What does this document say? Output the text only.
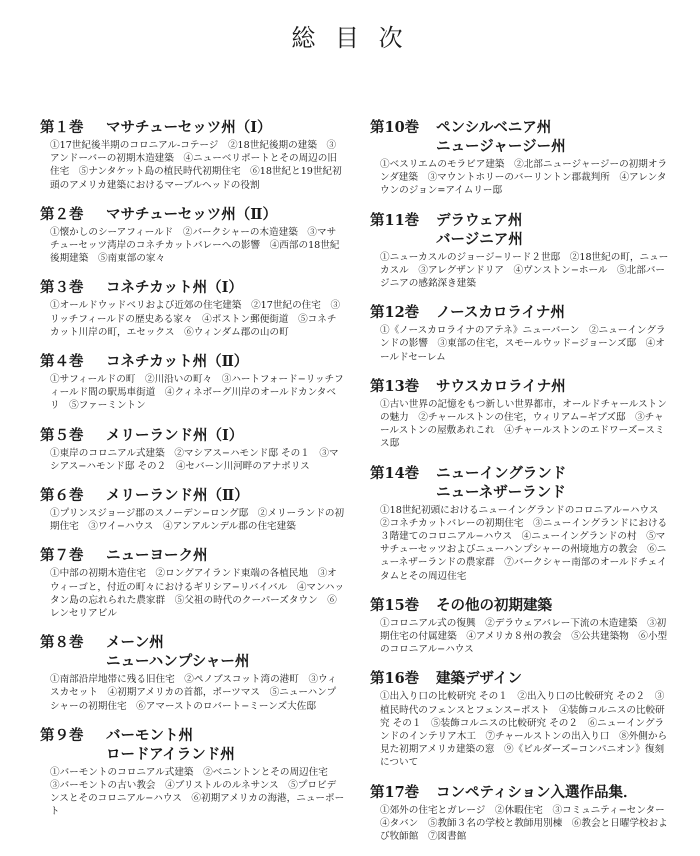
総 目 次
第１巻	マサチューセッツ州（Ⅰ）
①17世紀後半期のコロニアル-コテージ　②18世紀後期の建築　③アンドーバーの初期木造建築　④ニューベリポートとその周辺の旧住宅　⑤ナンタケット島の植民時代初期住宅　⑥18世紀と19世紀初頭のアメリカ建築におけるマーブルヘッドの役割
第２巻	マサチューセッツ州（Ⅱ）
①懐かしのシーアフィールド　②バークシャーの木造建築　③マサチューセッツ湾岸のコネチカットバレーへの影響　④西部の18世紀後期建築　⑤南東部の家々
第３巻	コネチカット州（Ⅰ）
①オールドウッドベリおよび近郊の住宅建築　②17世紀の住宅　③リッチフィールドの歴史ある家々　④ポストン郵便街道　⑤コネチカット川岸の町，エセックス　⑥ウィンダム郡の山の町
第４巻	コネチカット州（Ⅱ）
①サフィールドの町　②川沿いの町々　③ハートフォード−リッチフィールド間の駅馬車街道　④クィネボーグ川岸のオールドカンタベリ　⑤ファーミントン
第５巻	メリーランド州（Ⅰ）
①東岸のコロニアル式建築　②マシアス−ハモンド邸 その１　③マシアス−ハモンド邸 その２　④セバーン川河畔のアナポリス
第６巻	メリーランド州（Ⅱ）
①プリンスジョージ郡のスノーデン−ロング邸　②メリーランドの初期住宅　③ワイ−ハウス　④アンアルンデル郡の住宅建築
第７巻	ニューヨーク州
①中部の初期木造住宅　②ロングアイランド東端の各植民地　③オウィーゴと，付近の町々におけるギリシア−リバイバル　④マンハッタン島の忘れられた農家群　⑤父祖の時代のクーパーズタウン　⑥レンセリアビル
第８巻	メーン州
ニューハンプシャー州
①南部沿岸地帯に残る旧住宅　②ペノブスコット湾の港町　③ウィスカセット　④初期アメリカの首都，ポーツマス　⑤ニューハンプシャーの初期住宅　⑥アマーストのロバート−ミーンズ大佐邸
第９巻	バーモント州
ロードアイランド州
①バーモントのコロニアル式建築　②ベニントンとその周辺住宅　③バーモントの古い教会　④ブリストルのルネサンス　⑤プロビデンスとそのコロニアル−ハウス　⑥初期アメリカの海港，ニューポート
第10巻	ペンシルベニア州
ニュージャージー州
①ベスリエムのモラビア建築　②北部ニュージャージーの初期オランダ建築　③マウントホリーのバーリントン郡裁判所　④アレンタウンのジョン=アイムリー邸
第11巻	デラウェア州
バージニア州
①ニューカスルのジョージ−リード２世邸　②18世紀の町，ニューカスル　③アレグザンドリア　④ヴンストン−ホール　⑤北部バージニアの感銘深き建築
第12巻	ノースカロライナ州
①《ノースカロライナのアテネ》ニューバーン　②ニューイングランドの影響　③東部の住宅，スモールウッド−ジョーンズ邸　④オールドセーレム
第13巻	サウスカロライナ州
①古い世界の記憶をもつ新しい世界都市，オールドチャールストンの魅力　②チャールストンの住宅，ウィリアム−ギブズ邸　③チャールストンの屋敷あれこれ　④チャールストンのエドワーズ−スミス邸
第14巻	ニューイングランド
ニューネザーランド
①18世紀初頭におけるニューイングランドのコロニアル−ハウス　②コネチカットバレーの初期住宅　③ニューイングランドにおける３階建てのコロニアル−ハウス　④ニューイングランドの村　⑤マサチューセッツおよびニューハンプシャーの州境地方の教会　⑥ニューネザーランドの農家群　⑦バークシャー南部のオールドチェイタムとその周辺住宅
第15巻	その他の初期建築
①コロニアル式の復興　②デラウェアバレー下流の木造建築　③初期住宅の付属建築　④アメリカ８州の教会　⑤公共建築物　⑥小型のコロニアル−ハウス
第16巻	建築デザイン
①出入り口の比較研究 その１　②出入り口の比較研究 その２　③植民時代のフェンスとフェンス−ポスト　④装飾コルニスの比較研究 その１　⑤装飾コルニスの比較研究 その２　⑥ニューイングランドのインテリア木工　⑦チャールストンの出入り口　⑧外側から見た初期アメリカ建築の窓　⑨《ビルダーズ−コンパニオン》復刻について
第17巻	コンペティション入選作品集．
①郊外の住宅とガレージ　②休暇住宅　③コミュニティ−センター　④タバン　⑤教師３名の学校と教師用別棟　⑥教会と日曜学校および牧師館　⑦図書館
